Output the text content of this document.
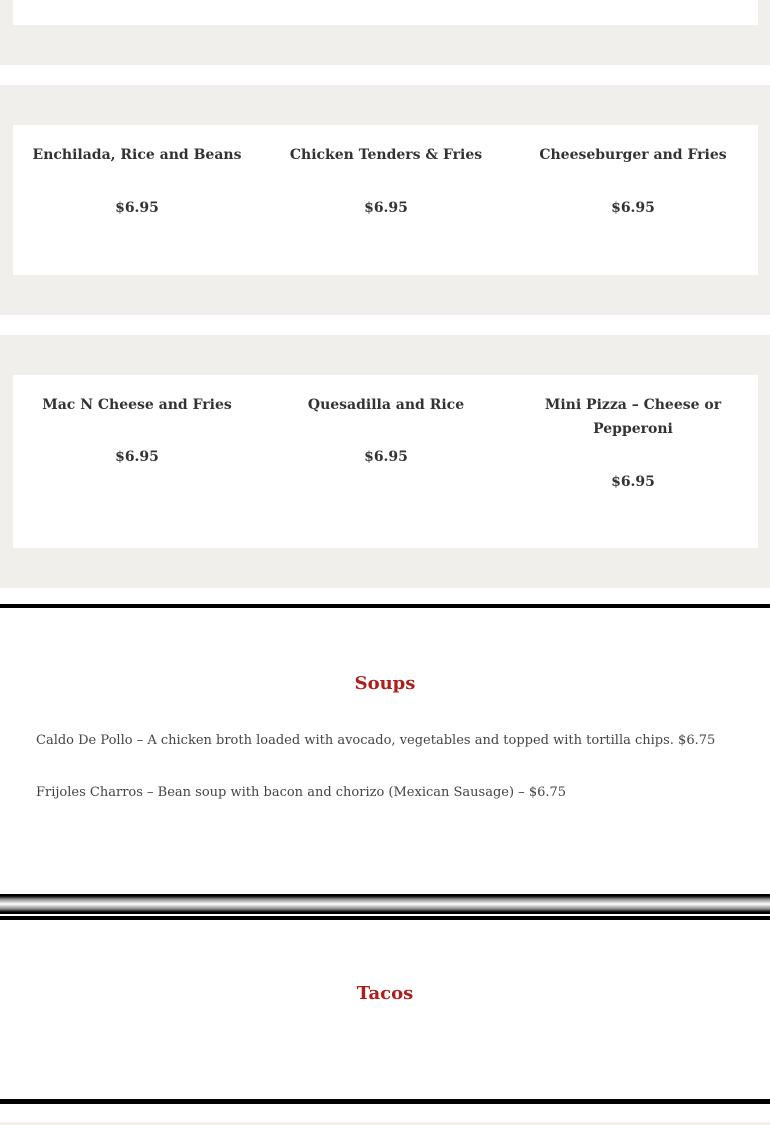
Enchilada, Rice and Beans
$6.95
Chicken Tenders & Fries
$6.95
Cheeseburger and Fries
$6.95
Mac N Cheese and Fries
$6.95
Quesadilla and Rice
$6.95
Mini Pizza – Cheese or Pepperoni
$6.95
Soups

Caldo De Pollo – A chicken broth loaded with avocado, vegetables and topped with tortilla chips. $6.75

Frijoles Charros – Bean soup with bacon and chorizo (Mexican Sausage) – $6.75

Tacos
